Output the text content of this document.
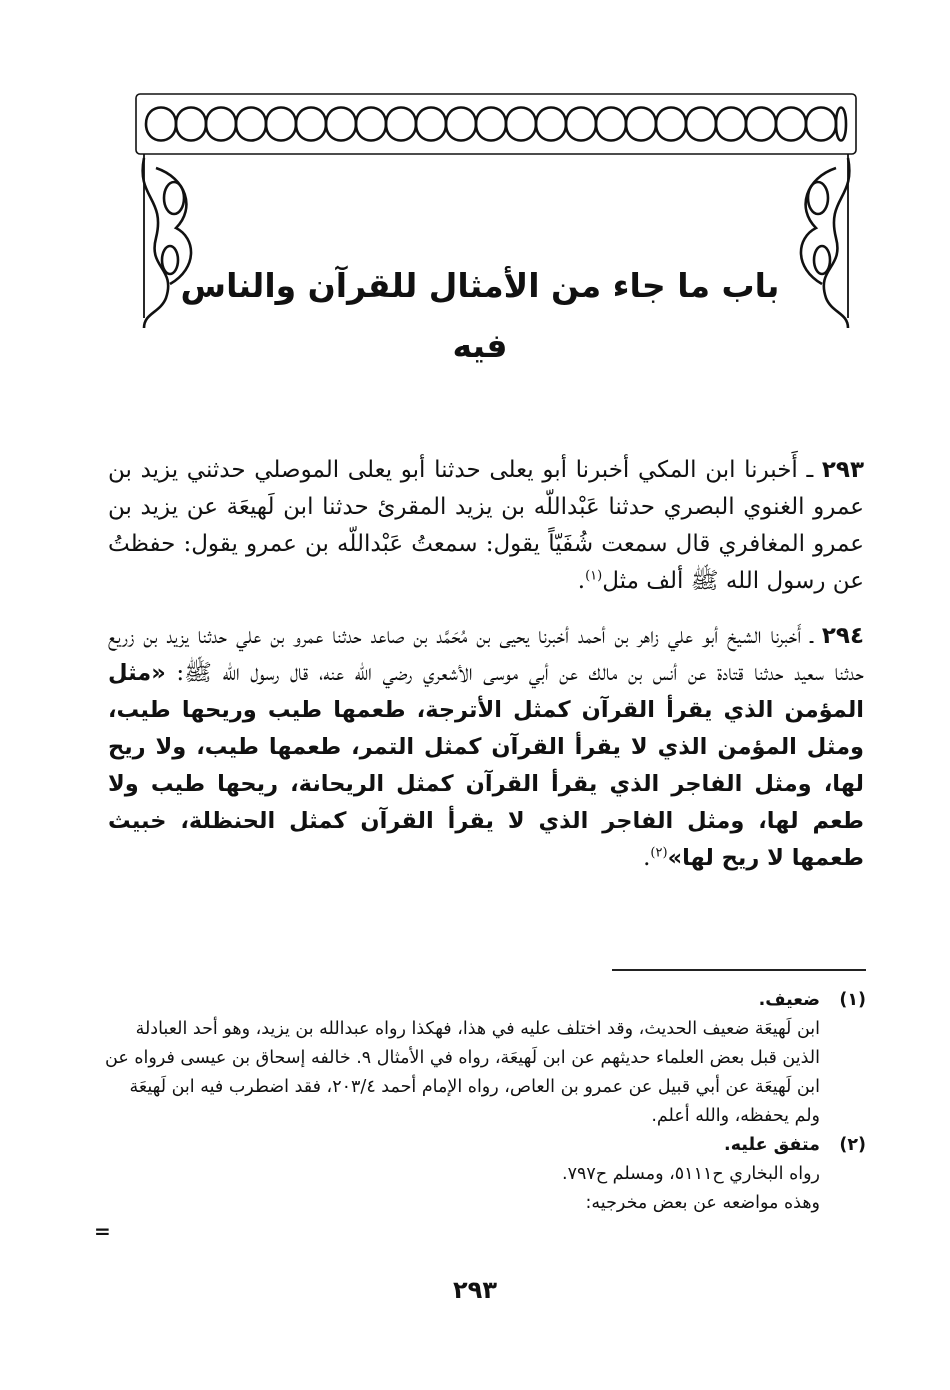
باب ما جاء من الأمثال للقرآن والناس فيه

٢٩٣ ـ أَخبرنا ابن المكي أخبرنا أبو يعلى حدثنا أبو يعلى الموصلي حدثني يزيد بن عمرو الغنوي البصري حدثنا عَبْداللّه بن يزيد المقرئ حدثنا ابن لَهيعَة عن يزيد بن عمرو المغافري قال سمعت شُفَيّاً يقول: سمعتُ عَبْداللّه بن عمرو يقول: حفظتُ عن رسول الله ﷺ ألف مثل$^{(١)}$.

٢٩٤ ـ أَخبرنا الشيخ أبو علي زاهر بن أحمد أخبرنا يحيى بن مُحَمَّد بن صاعد حدثنا عمرو بن علي حدثنا يزيد بن زريع حدثنا سعيد حدثنا قتادة عن أنس بن مالك عن أبي موسى الأشعري رضي الله عنه، قال رسول اللّه ﷺ: «مثل المؤمن الذي يقرأ القرآن كمثل الأترجة، طعمها طيب وريحها طيب، ومثل المؤمن الذي لا يقرأ القرآن كمثل التمر، طعمها طيب، ولا ريح لها، ومثل الفاجر الذي يقرأ القرآن كمثل الريحانة، ريحها طيب ولا طعم لها، ومثل الفاجر الذي لا يقرأ القرآن كمثل الحنظلة، خبيث طعمها لا ريح لها»$^{(٢)}$.

(١)
ضعيف.
ابن لَهيعَة ضعيف الحديث، وقد اختلف عليه في هذا، فهكذا رواه عبدالله بن يزيد، وهو أحد العبادلة الذين قبل بعض العلماء حديثهم عن ابن لَهيعَة، رواه في الأمثال ٩. خالفه إسحاق بن عيسى فرواه عن ابن لَهيعَة عن أبي قبيل عن عمرو بن العاص، رواه الإمام أحمد ٢٠٣/٤، فقد اضطرب فيه ابن لَهيعَة ولم يحفظه، والله أعلم.
(٢)
متفق عليه.
رواه البخاري ح٥١١١، ومسلم ح٧٩٧.
وهذه مواضعه عن بعض مخرجيه:
=
٢٩٣
